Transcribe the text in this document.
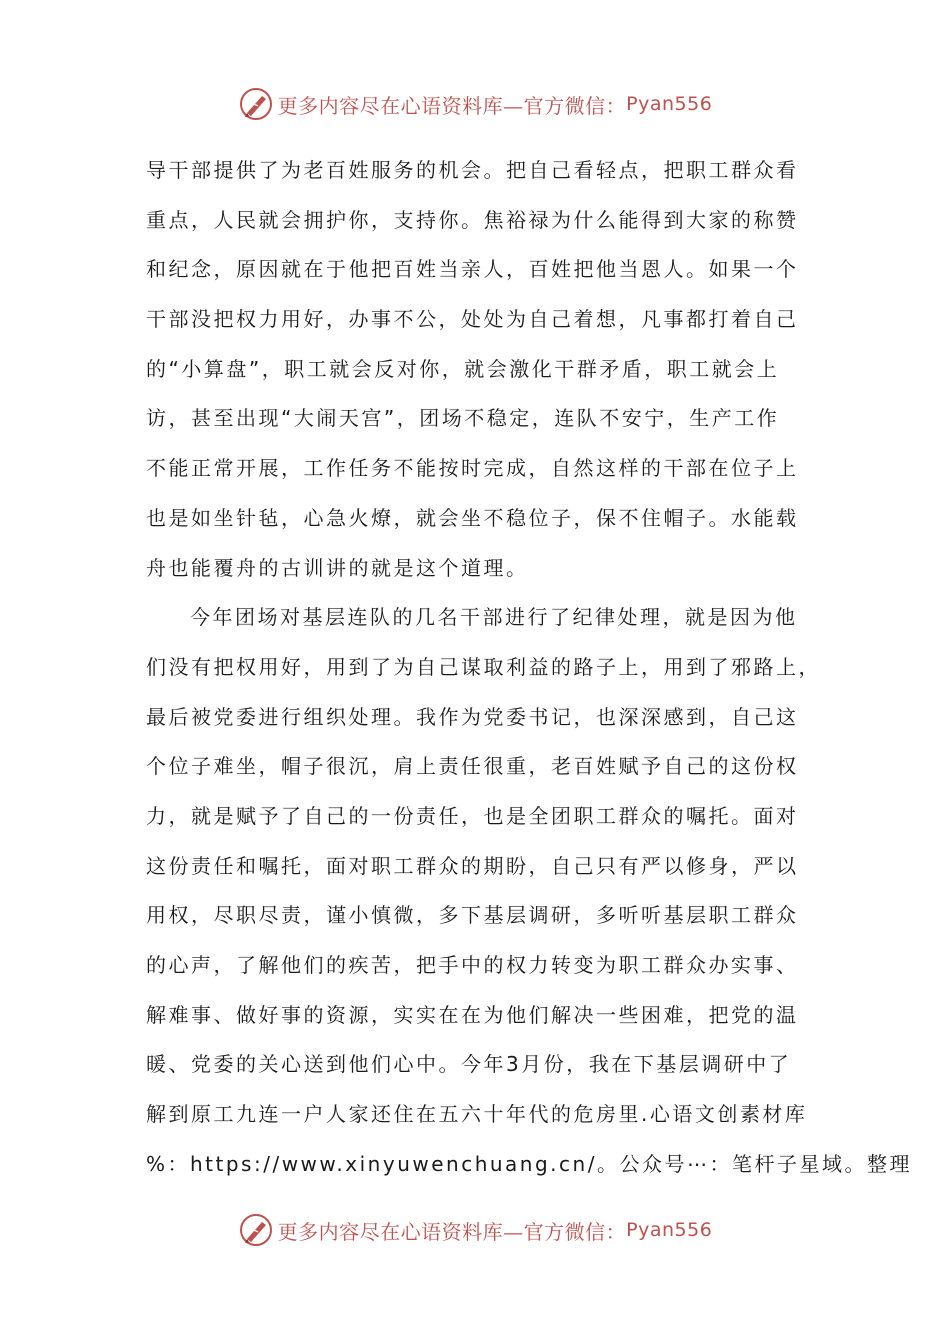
更多内容尽在心语资料库—官方微信： Pyan556
导干部提供了为老百姓服务的机会。把自己看轻点，把职工群众看
重点，人民就会拥护你，支持你。焦裕禄为什么能得到大家的称赞
和纪念，原因就在于他把百姓当亲人，百姓把他当恩人。如果一个
干部没把权力用好，办事不公，处处为自己着想，凡事都打着自己
的“小算盘”，职工就会反对你，就会激化干群矛盾，职工就会上
访，甚至出现“大闹天宫”，团场不稳定，连队不安宁，生产工作
不能正常开展，工作任务不能按时完成，自然这样的干部在位子上
也是如坐针毡，心急火燎，就会坐不稳位子，保不住帽子。水能载
舟也能覆舟的古训讲的就是这个道理。
今年团场对基层连队的几名干部进行了纪律处理，就是因为他
们没有把权用好，用到了为自己谋取利益的路子上，用到了邪路上，
最后被党委进行组织处理。我作为党委书记，也深深感到，自己这
个位子难坐，帽子很沉，肩上责任很重，老百姓赋予自己的这份权
力，就是赋予了自己的一份责任，也是全团职工群众的嘱托。面对
这份责任和嘱托，面对职工群众的期盼，自己只有严以修身，严以
用权，尽职尽责，谨小慎微，多下基层调研，多听听基层职工群众
的心声，了解他们的疾苦，把手中的权力转变为职工群众办实事、
解难事、做好事的资源，实实在在为他们解决一些困难，把党的温
暖、党委的关心送到他们心中。今年3月份，我在下基层调研中了
解到原工九连一户人家还住在五六十年代的危房里.心语文创素材库
%：https://www.xinyuwenchuang.cn/。公众号⋯：笔杆子星域。整理
更多内容尽在心语资料库—官方微信： Pyan556
